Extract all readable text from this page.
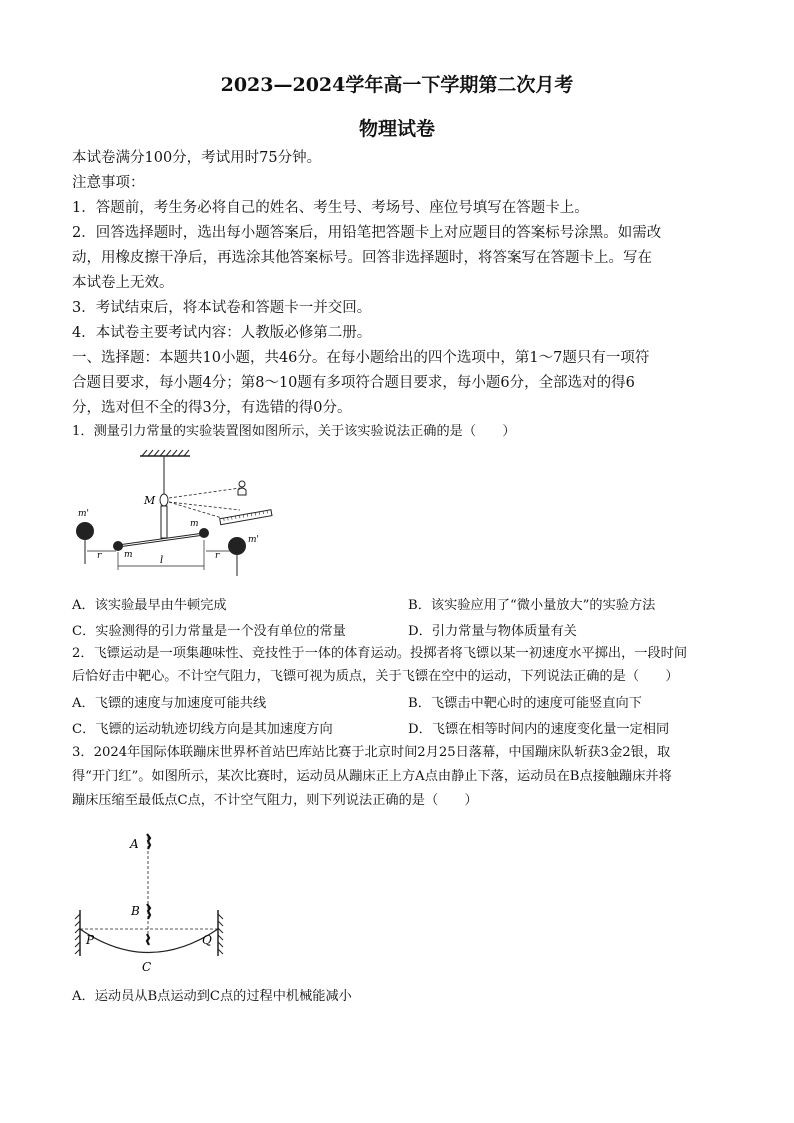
2023—2024学年高一下学期第二次月考
物理试卷
本试卷满分100分，考试用时75分钟。
注意事项：
1．答题前，考生务必将自己的姓名、考生号、考场号、座位号填写在答题卡上。
2．回答选择题时，选出每小题答案后，用铅笔把答题卡上对应题目的答案标号涂黑。如需改
动，用橡皮擦干净后，再选涂其他答案标号。回答非选择题时，将答案写在答题卡上。写在
本试卷上无效。
3．考试结束后，将本试卷和答题卡一并交回。
4．本试卷主要考试内容：人教版必修第二册。
一、选择题：本题共10小题，共46分。在每小题给出的四个选项中，第1～7题只有一项符
合题目要求，每小题4分；第8～10题有多项符合题目要求，每小题6分，全部选对的得6
分，选对但不全的得3分，有选错的得0分。
1．测量引力常量的实验装置图如图所示，关于该实验说法正确的是（　　）
M
m
m
m'
m'
r	r
l
A．该实验最早由牛顿完成	B．该实验应用了“微小量放大”的实验方法
C．实验测得的引力常量是一个没有单位的常量	D．引力常量与物体质量有关
2．飞镖运动是一项集趣味性、竞技性于一体的体育运动。投掷者将飞镖以某一初速度水平掷出，一段时间
后恰好击中靶心。不计空气阻力，飞镖可视为质点，关于飞镖在空中的运动，下列说法正确的是（　　）
A．飞镖的速度与加速度可能共线	B．飞镖击中靶心时的速度可能竖直向下
C．飞镖的运动轨迹切线方向是其加速度方向	D．飞镖在相等时间内的速度变化量一定相同
3．2024年国际体联蹦床世界杯首站巴库站比赛于北京时间2月25日落幕，中国蹦床队斩获3金2银，取
得“开门红”。如图所示，某次比赛时，运动员从蹦床正上方A点由静止下落，运动员在B点接触蹦床并将
蹦床压缩至最低点C点，不计空气阻力，则下列说法正确的是（　　）
A
B
P	Q
C
A．运动员从B点运动到C点的过程中机械能减小
